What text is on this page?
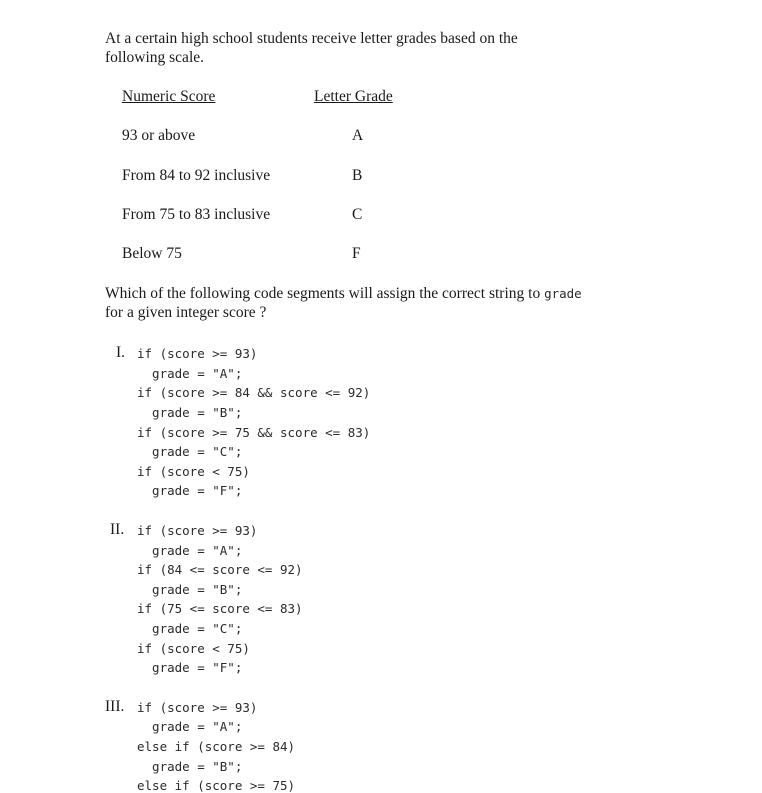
At a certain high school students receive letter grades based on the
following scale.
Numeric Score	Letter Grade
93 or above	A
From 84 to 92 inclusive	B
From 75 to 83 inclusive	C
Below 75	F
Which of the following code segments will assign the correct string to grade
for a given integer score ?
I. if (score >= 93)
grade = "A";
if (score >= 84 && score <= 92)
grade = "B";
if (score >= 75 && score <= 83)
grade = "C";
if (score < 75)
grade = "F";
II. if (score >= 93)
grade = "A";
if (84 <= score <= 92)
grade = "B";
if (75 <= score <= 83)
grade = "C";
if (score < 75)
grade = "F";
III. if (score >= 93)
grade = "A";
else if (score >= 84)
grade = "B";
else if (score >= 75)
